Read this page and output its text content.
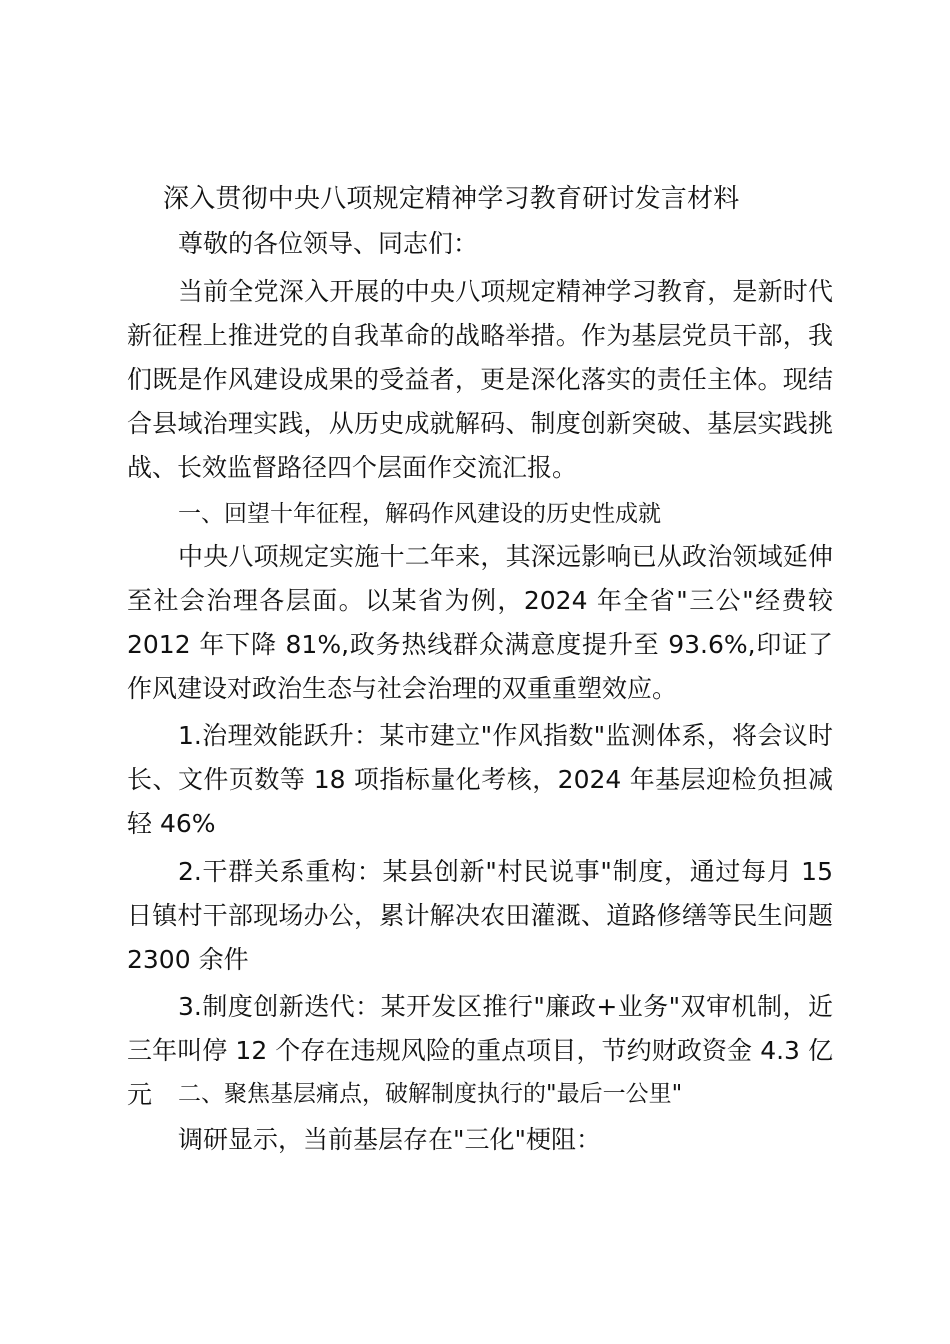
深入贯彻中央八项规定精神学习教育研讨发言材料
尊敬的各位领导、同志们：

当前全党深入开展的中央八项规定精神学习教育，是新时代新征程上推进党的自我革命的战略举措。作为基层党员干部，我们既是作风建设成果的受益者，更是深化落实的责任主体。现结合县域治理实践，从历史成就解码、制度创新突破、基层实践挑战、长效监督路径四个层面作交流汇报。

一、回望十年征程，解码作风建设的历史性成就

中央八项规定实施十二年来，其深远影响已从政治领域延伸至社会治理各层面。以某省为例，2024 年全省"三公"经费较 2012 年下降 81%,政务热线群众满意度提升至 93.6%,印证了作风建设对政治生态与社会治理的双重重塑效应。

1.治理效能跃升：某市建立"作风指数"监测体系，将会议时长、文件页数等 18 项指标量化考核，2024 年基层迎检负担减轻 46%

2.干群关系重构：某县创新"村民说事"制度，通过每月 15 日镇村干部现场办公，累计解决农田灌溉、道路修缮等民生问题 2300 余件

3.制度创新迭代：某开发区推行"廉政+业务"双审机制，近三年叫停 12 个存在违规风险的重点项目，节约财政资金 4.3 亿元	二、聚焦基层痛点，破解制度执行的"最后一公里"

调研显示，当前基层存在"三化"梗阻：
